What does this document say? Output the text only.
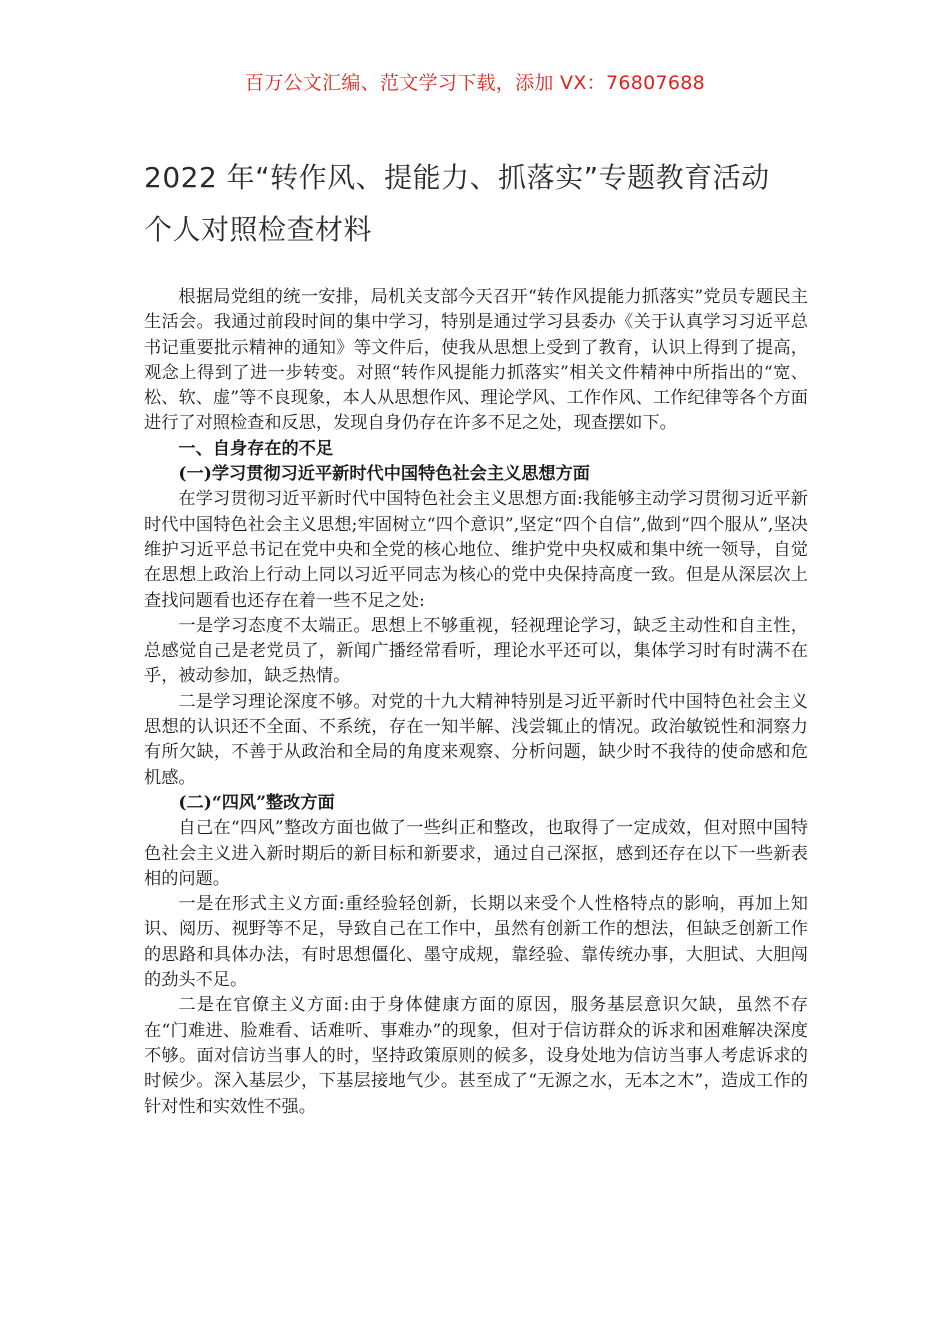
百万公文汇编、范文学习下载，添加 VX：76807688
2022 年“转作风、提能力、抓落实”专题教育活动
个人对照检查材料

根据局党组的统一安排，局机关支部今天召开“转作风提能力抓落实”党员专题民主生活会。我通过前段时间的集中学习，特别是通过学习县委办《关于认真学习习近平总书记重要批示精神的通知》等文件后，使我从思想上受到了教育，认识上得到了提高，观念上得到了进一步转变。对照“转作风提能力抓落实”相关文件精神中所指出的“宽、松、软、虚”等不良现象，本人从思想作风、理论学风、工作作风、工作纪律等各个方面进行了对照检查和反思，发现自身仍存在许多不足之处，现查摆如下。

一、自身存在的不足

(一)学习贯彻习近平新时代中国特色社会主义思想方面

在学习贯彻习近平新时代中国特色社会主义思想方面:我能够主动学习贯彻习近平新时代中国特色社会主义思想;牢固树立“四个意识”,坚定“四个自信”,做到“四个服从”,坚决维护习近平总书记在党中央和全党的核心地位、维护党中央权威和集中统一领导，自觉在思想上政治上行动上同以习近平同志为核心的党中央保持高度一致。但是从深层次上查找问题看也还存在着一些不足之处:

一是学习态度不太端正。思想上不够重视，轻视理论学习，缺乏主动性和自主性，总感觉自己是老党员了，新闻广播经常看听，理论水平还可以，集体学习时有时满不在乎，被动参加，缺乏热情。

二是学习理论深度不够。对党的十九大精神特别是习近平新时代中国特色社会主义思想的认识还不全面、不系统，存在一知半解、浅尝辄止的情况。政治敏锐性和洞察力有所欠缺，不善于从政治和全局的角度来观察、分析问题，缺少时不我待的使命感和危机感。

(二)“四风”整改方面

自己在“四风”整改方面也做了一些纠正和整改，也取得了一定成效，但对照中国特色社会主义进入新时期后的新目标和新要求，通过自己深抠，感到还存在以下一些新表相的问题。

一是在形式主义方面:重经验轻创新，长期以来受个人性格特点的影响，再加上知识、阅历、视野等不足，导致自己在工作中，虽然有创新工作的想法，但缺乏创新工作的思路和具体办法，有时思想僵化、墨守成规，靠经验、靠传统办事，大胆试、大胆闯的劲头不足。

二是在官僚主义方面:由于身体健康方面的原因，服务基层意识欠缺，虽然不存在“门难进、脸难看、话难听、事难办”的现象，但对于信访群众的诉求和困难解决深度不够。面对信访当事人的时，坚持政策原则的候多，设身处地为信访当事人考虑诉求的时候少。深入基层少，下基层接地气少。甚至成了“无源之水，无本之木”，造成工作的针对性和实效性不强。
